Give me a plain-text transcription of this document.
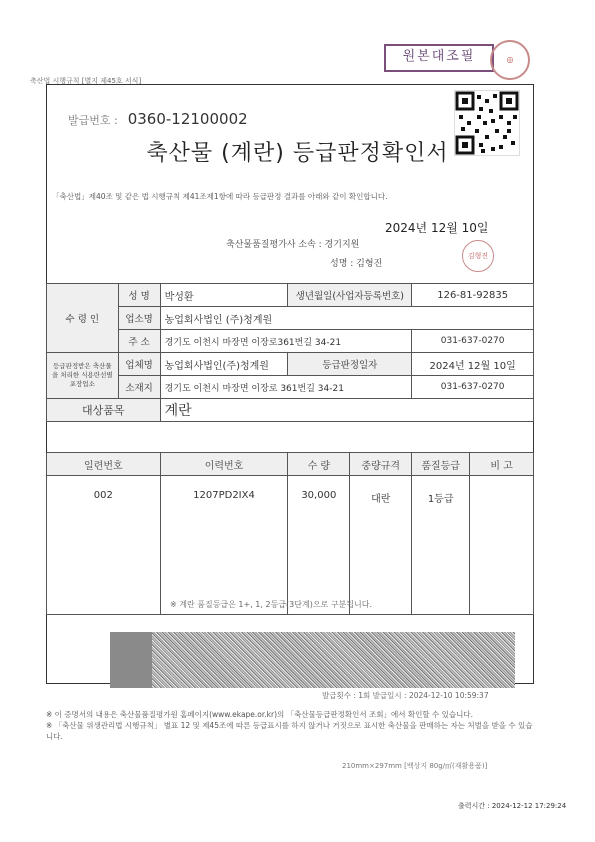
원본대조필	◎
축산법 시행규칙 [별지 제45호 서식]
발급번호 : 0360-12100002
축산물 (계란) 등급판정확인서
「축산법」제40조 및 같은 법 시행규칙 제41조제1항에 따라 등급판정 결과를 아래와 같이 확인합니다.
2024년 12월 10일
축산물품질평가사 소속 : 경기지원
성명 : 김형진
김형진
수 령 인	성 명	박성환	생년월일(사업자등록번호)	126-81-92835
	업소명	농업회사법인 (주)청계원		
	주 소	경기도 이천시 마장면 이장로361번길 34-21		031-637-0270
등급판정받은 축산물을 처리한 식용란선별포장업소	업체명	농업회사법인(주)청계원	등급판정일자	2024년 12월 10일
	소재지	경기도 이천시 마장면 이장로 361번길 34-21		031-637-0270
대상품목		계란		
일련번호	이력번호	수 량	중량규격	품질등급	비 고
002	1207PD2IX4	30,000	대란	1등급	
※ 계란 품질등급은 1+, 1, 2등급(3단계)으로 구분됩니다.
발급횟수 : 1회 발급일시 : 2024-12-10 10:59:37
※ 이 증명서의 내용은 축산물품질평가원 홈페이지(www.ekape.or.kr)의 「축산물등급판정확인서 조회」에서 확인할 수 있습니다.
※ 「축산물 위생관리법 시행규칙」 별표 12 및 제45조에 따른 등급표시를 하지 않거나 거짓으로 표시한 축산물을 판매하는 자는 처벌을 받을 수 있습니다.
210mm×297mm [백상지 80g/㎡(재활용품)]
출력시간 : 2024-12-12 17:29:24
